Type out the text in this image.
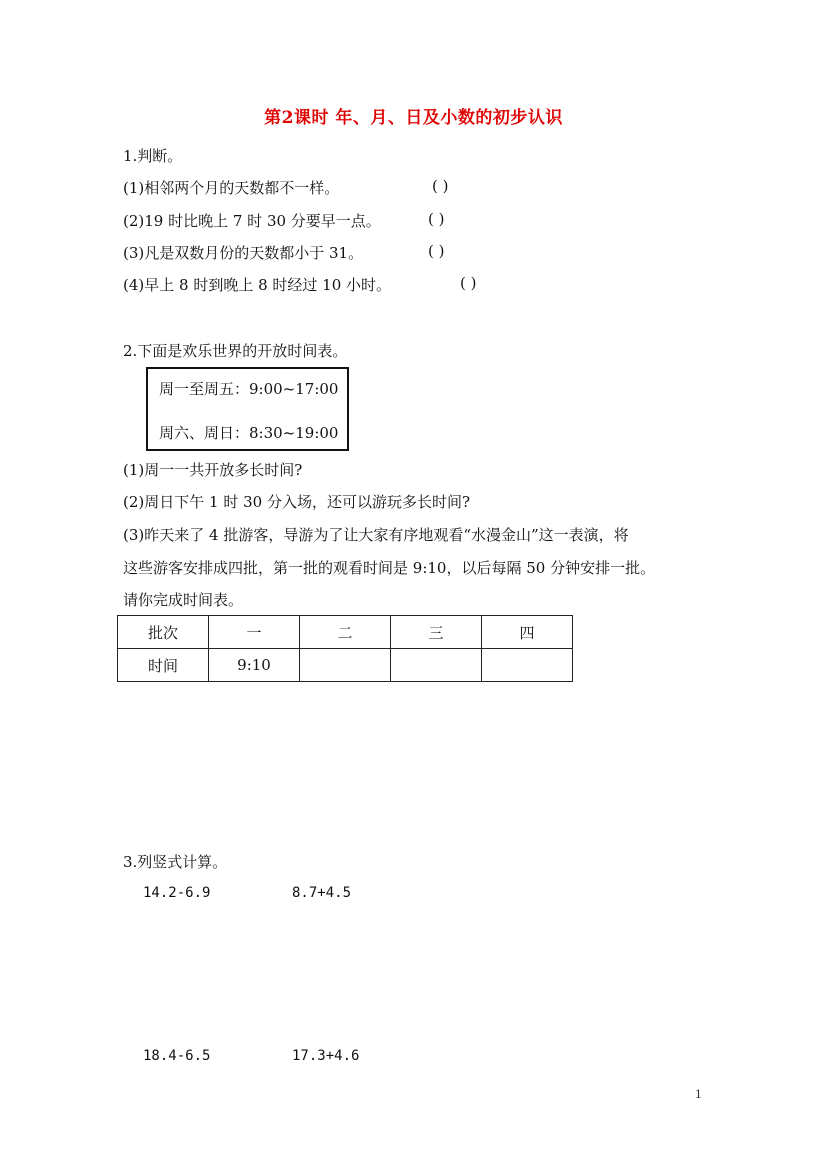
第2课时 年、月、日及小数的初步认识
1.判断。
(1)相邻两个月的天数都不一样。	( )
(2)19 时比晚上 7 时 30 分要早一点。	( )
(3)凡是双数月份的天数都小于 31。	( )
(4)早上 8 时到晚上 8 时经过 10 小时。	( )
2.下面是欢乐世界的开放时间表。
周一至周五：9:00~17:00
周六、周日：8:30~19:00
(1)周一一共开放多长时间?
(2)周日下午 1 时 30 分入场，还可以游玩多长时间?
(3)昨天来了 4 批游客，导游为了让大家有序地观看“水漫金山”这一表演，将
这些游客安排成四批，第一批的观看时间是 9:10，以后每隔 50 分钟安排一批。
请你完成时间表。
批次	一	二	三	四
时间	9:10			
3.列竖式计算。
14.2-6.9	8.7+4.5
18.4-6.5	17.3+4.6
1
